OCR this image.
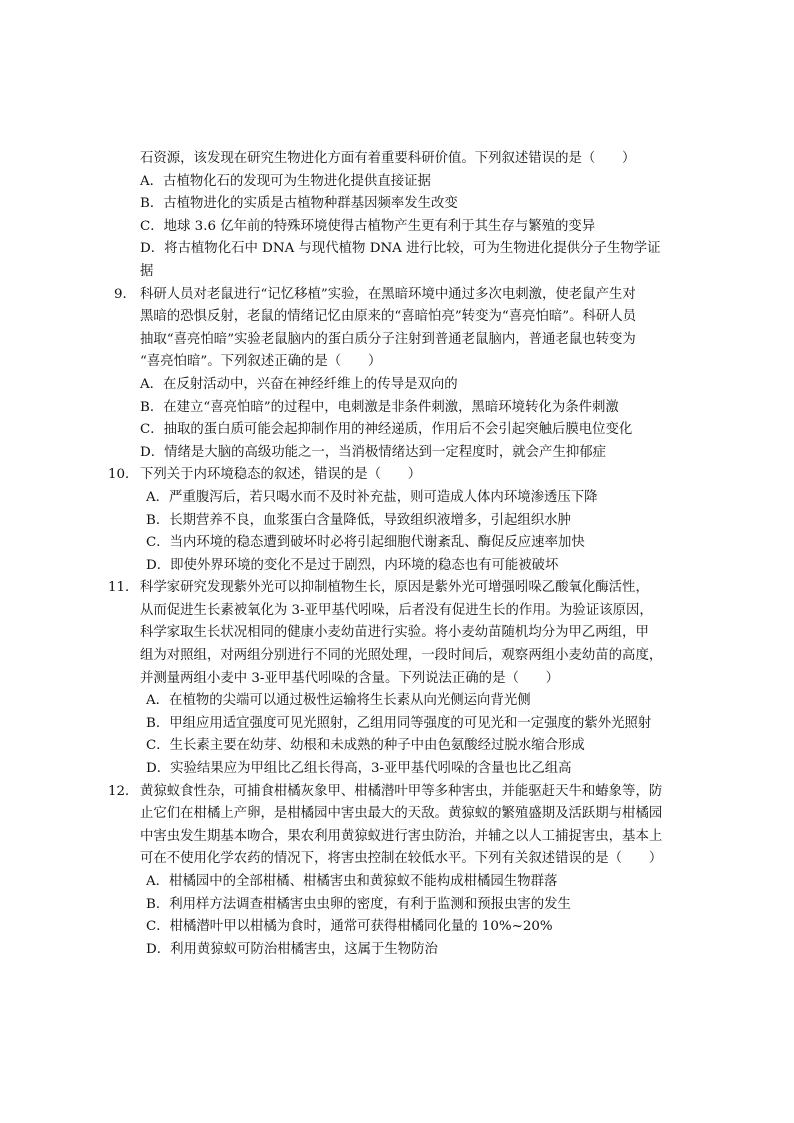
石资源，该发现在研究生物进化方面有着重要科研价值。下列叙述错误的是（　　）
A．古植物化石的发现可为生物进化提供直接证据
B．古植物进化的实质是古植物种群基因频率发生改变
C．地球 3.6 亿年前的特殊环境使得古植物产生更有利于其生存与繁殖的变异
D．将古植物化石中 DNA 与现代植物 DNA 进行比较，可为生物进化提供分子生物学证
据
9． 科研人员对老鼠进行“记忆移植”实验，在黑暗环境中通过多次电刺激，使老鼠产生对
黑暗的恐惧反射，老鼠的情绪记忆由原来的“喜暗怕亮”转变为“喜亮怕暗”。科研人员
抽取“喜亮怕暗”实验老鼠脑内的蛋白质分子注射到普通老鼠脑内，普通老鼠也转变为
“喜亮怕暗”。下列叙述正确的是（　　）
A．在反射活动中，兴奋在神经纤维上的传导是双向的
B．在建立“喜亮怕暗”的过程中，电刺激是非条件刺激，黑暗环境转化为条件刺激
C．抽取的蛋白质可能会起抑制作用的神经递质，作用后不会引起突触后膜电位变化
D．情绪是大脑的高级功能之一，当消极情绪达到一定程度时，就会产生抑郁症
10． 下列关于内环境稳态的叙述，错误的是（　　）
A．严重腹泻后，若只喝水而不及时补充盐，则可造成人体内环境渗透压下降
B．长期营养不良，血浆蛋白含量降低，导致组织液增多，引起组织水肿
C．当内环境的稳态遭到破坏时必将引起细胞代谢紊乱、酶促反应速率加快
D．即使外界环境的变化不是过于剧烈，内环境的稳态也有可能被破坏
11． 科学家研究发现紫外光可以抑制植物生长，原因是紫外光可增强吲哚乙酸氧化酶活性，
从而促进生长素被氧化为 3-亚甲基代吲哚，后者没有促进生长的作用。为验证该原因，
科学家取生长状况相同的健康小麦幼苗进行实验。将小麦幼苗随机均分为甲乙两组，甲
组为对照组，对两组分别进行不同的光照处理，一段时间后，观察两组小麦幼苗的高度，
并测量两组小麦中 3-亚甲基代吲哚的含量。下列说法正确的是（　　）
A．在植物的尖端可以通过极性运输将生长素从向光侧运向背光侧
B．甲组应用适宜强度可见光照射，乙组用同等强度的可见光和一定强度的紫外光照射
C．生长素主要在幼芽、幼根和未成熟的种子中由色氨酸经过脱水缩合形成
D．实验结果应为甲组比乙组长得高，3-亚甲基代吲哚的含量也比乙组高
12． 黄猄蚁食性杂，可捕食柑橘灰象甲、柑橘潜叶甲等多种害虫，并能驱赶天牛和蝽象等，防
止它们在柑橘上产卵，是柑橘园中害虫最大的天敌。黄猄蚁的繁殖盛期及活跃期与柑橘园
中害虫发生期基本吻合，果农利用黄猄蚁进行害虫防治，并辅之以人工捕捉害虫，基本上
可在不使用化学农药的情况下，将害虫控制在较低水平。下列有关叙述错误的是（　　）
A．柑橘园中的全部柑橘、柑橘害虫和黄猄蚁不能构成柑橘园生物群落
B．利用样方法调查柑橘害虫虫卵的密度，有利于监测和预报虫害的发生
C．柑橘潜叶甲以柑橘为食时，通常可获得柑橘同化量的 10%~20%
D．利用黄猄蚁可防治柑橘害虫，这属于生物防治
